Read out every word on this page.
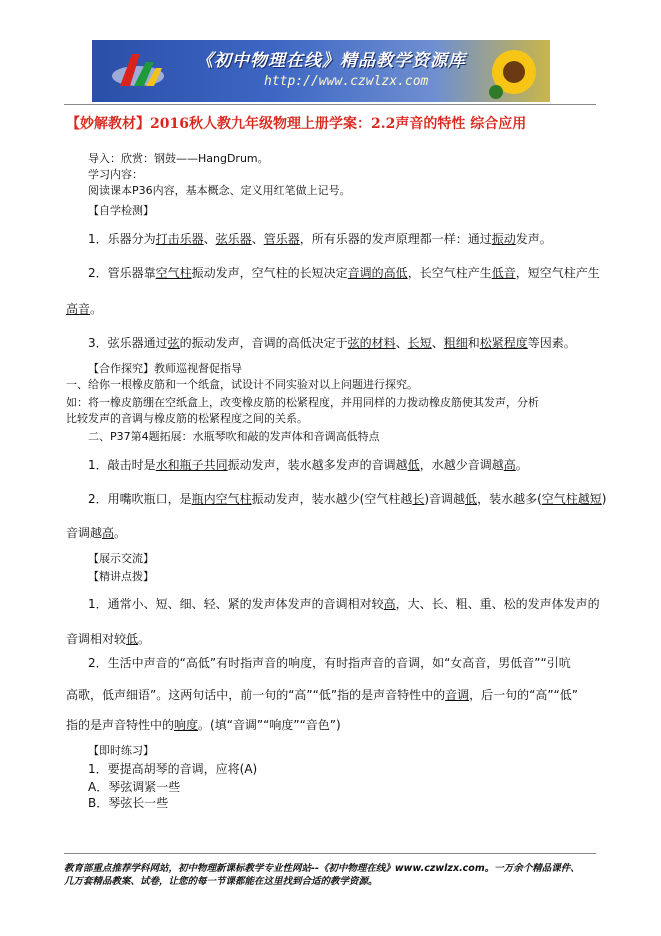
《初中物理在线》精品教学资源库
http://www.czwlzx.com
【妙解教材】2016秋人教九年级物理上册学案：2.2声音的特性 综合应用
导入：欣赏：钢鼓——HangDrum。
学习内容：
阅读课本P36内容，基本概念、定义用红笔做上记号。
【自学检测】
1．乐器分为打击乐器、弦乐器、管乐器，所有乐器的发声原理都一样：通过振动发声。
2．管乐器靠空气柱振动发声，空气柱的长短决定音调的高低，长空气柱产生低音，短空气柱产生
高音。
3．弦乐器通过弦的振动发声，音调的高低决定于弦的材料、长短、粗细和松紧程度等因素。
【合作探究】教师巡视督促指导
一、给你一根橡皮筋和一个纸盒，试设计不同实验对以上问题进行探究。
如：将一橡皮筋绷在空纸盒上，改变橡皮筋的松紧程度，并用同样的力拨动橡皮筋使其发声，分析
比较发声的音调与橡皮筋的松紧程度之间的关系。
二、P37第4题拓展：水瓶琴吹和敲的发声体和音调高低特点
1．敲击时是水和瓶子共同振动发声，装水越多发声的音调越低，水越少音调越高。
2．用嘴吹瓶口，是瓶内空气柱振动发声，装水越少(空气柱越长)音调越低，装水越多(空气柱越短)
音调越高。
【展示交流】
【精讲点拨】
1．通常小、短、细、轻、紧的发声体发声的音调相对较高，大、长、粗、重、松的发声体发声的
音调相对较低。
2．生活中声音的“高低”有时指声音的响度，有时指声音的音调，如“女高音，男低音”“引吭
高歌，低声细语”。这两句话中，前一句的“高”“低”指的是声音特性中的音调，后一句的“高”“低”
指的是声音特性中的响度。(填“音调”“响度”“音色”)
【即时练习】
1．要提高胡琴的音调，应将(A)
A．琴弦调紧一些
B．琴弦长一些
教育部重点推荐学科网站，初中物理新课标教学专业性网站--《初中物理在线》www.czwlzx.com。一万余个精品课件、
几万套精品教案、试卷，让您的每一节课都能在这里找到合适的教学资源。
